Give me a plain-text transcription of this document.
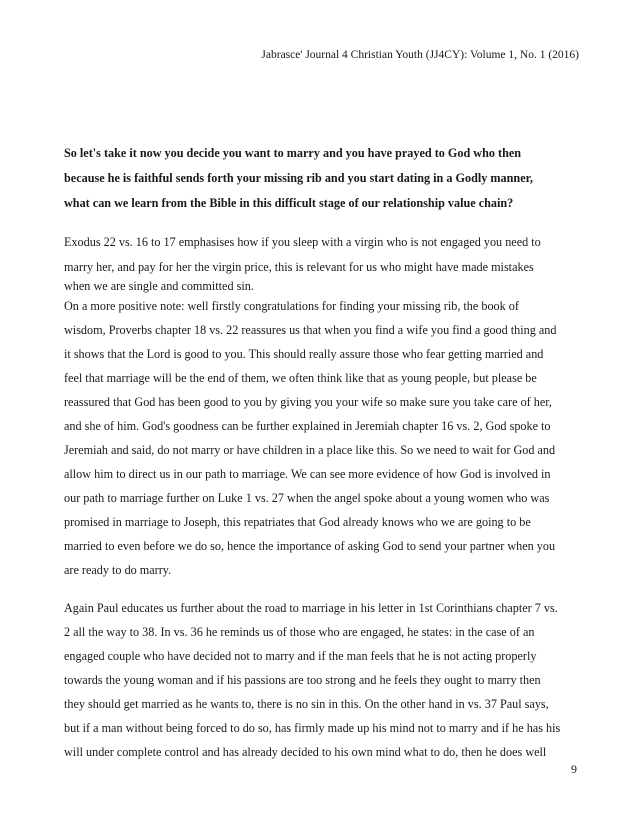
Jabrasce' Journal 4 Christian Youth (JJ4CY): Volume 1, No. 1 (2016)
So let's take it now you decide you want to marry and you have prayed to God who then
because he is faithful sends forth your missing rib and you start dating in a Godly manner,
what can we learn from the Bible in this difficult stage of our relationship value chain?
Exodus 22 vs. 16 to 17 emphasises how if you sleep with a virgin who is not engaged you need to
marry her, and pay for her the virgin price, this is relevant for us who might have made mistakes
when we are single and committed sin.
On a more positive note: well firstly congratulations for finding your missing rib, the book of
wisdom, Proverbs chapter 18 vs. 22 reassures us that when you find a wife you find a good thing and
it shows that the Lord is good to you. This should really assure those who fear getting married and
feel that marriage will be the end of them, we often think like that as young people, but please be
reassured that God has been good to you by giving you your wife so make sure you take care of her,
and she of him. God's goodness can be further explained in Jeremiah chapter 16 vs. 2, God spoke to
Jeremiah and said, do not marry or have children in a place like this. So we need to wait for God and
allow him to direct us in our path to marriage. We can see more evidence of how God is involved in
our path to marriage further on Luke 1 vs. 27 when the angel spoke about a young women who was
promised in marriage to Joseph, this repatriates that God already knows who we are going to be
married to even before we do so, hence the importance of asking God to send your partner when you
are ready to do marry.
Again Paul educates us further about the road to marriage in his letter in 1st Corinthians chapter 7 vs.
2 all the way to 38. In vs. 36 he reminds us of those who are engaged, he states: in the case of an
engaged couple who have decided not to marry and if the man feels that he is not acting properly
towards the young woman and if his passions are too strong and he feels they ought to marry then
they should get married as he wants to, there is no sin in this. On the other hand in vs. 37 Paul says,
but if a man without being forced to do so, has firmly made up his mind not to marry and if he has his
will under complete control and has already decided to his own mind what to do, then he does well
9
